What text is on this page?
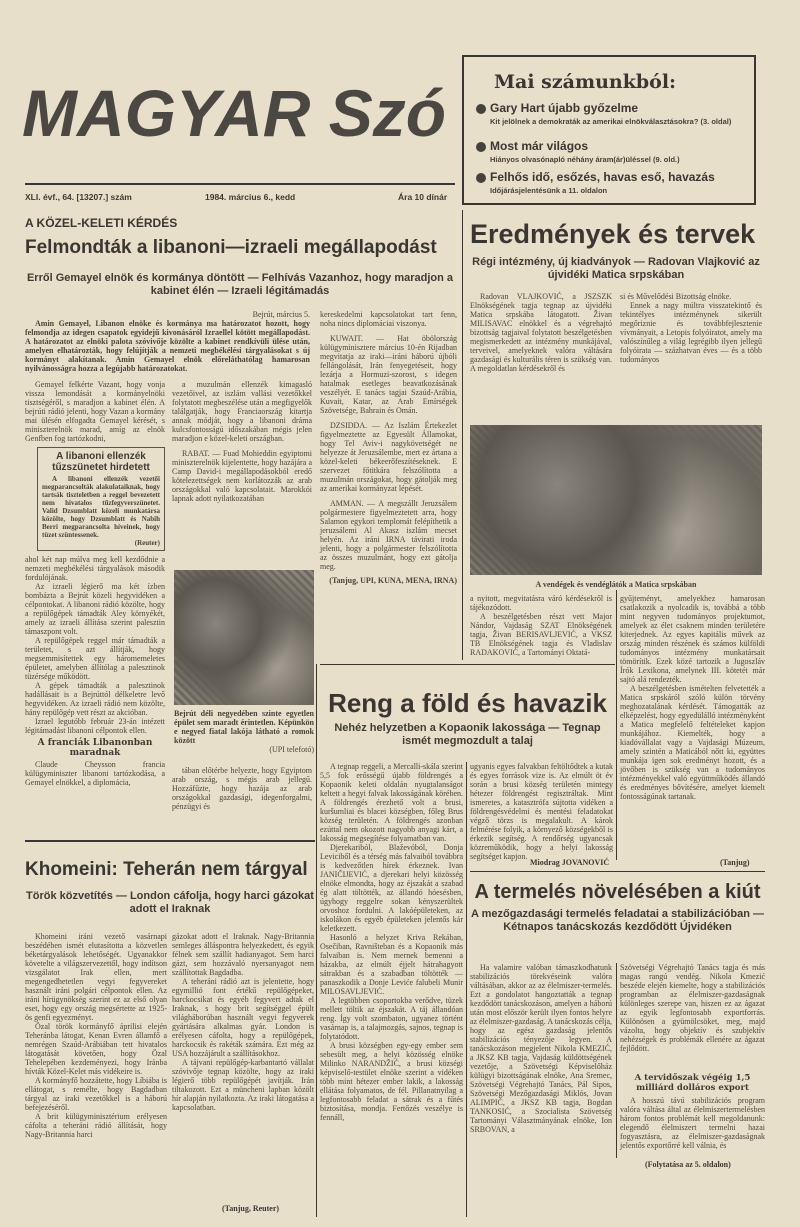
MAGYAR Szó
XLI. évf., 64. [13207.] szám	1984. március 6., kedd	Ára 10 dínár
Mai számunkból:
Gary Hart újabb győzelme
Kit jelölnek a demokraták az amerikai elnökválasztásokra? (3. oldal)
Most már világos
Hiányos olvasónapló néhány áram(ár)üléssel (9. old.)
Felhős idő, esőzés, havas eső, havazás
Időjárásjelentésünk a 11. oldalon
A KÖZEL-KELETI KÉRDÉS
Felmondták a libanoni—izraeli megállapodást
Erről Gemayel elnök és kormánya döntött — Felhívás Vazanhoz, hogy maradjon a kabinet élén — Izraeli légitámadás

Bejrút, március 5.

Amin Gemayel, Libanon elnöke és kormánya ma határozatot hozott, hogy felmondja az idegen csapatok egyidejű kivonásáról Izraellel kötött megállapodást. A határozatot az elnöki palota szóvivője közölte a kabinet rendkívüli ülése után, amelyen elhatározták, hogy felújítják a nemzeti megbékélési tárgyalásokat s új kormányt alakítanak. Amin Gemayel elnök előreláthatólag hamarosan nyilvánosságra hozza a legújabb határozatokat.

Gemayel felkérte Vazant, hogy vonja vissza lemondását a kormányelnöki tisztségéről, s maradjon a kabinet élén. A bejrúti rádió jelenti, hogy Vazan a kormány mai ülésén elfogadta Gemayel kérését, s miniszterelnök marad, amíg az elnök Genfben fog tartózkodni,

A libanoni ellenzék tűzszünetet hirdetett

A libanoni ellenzék vezetői megparancsolták alakulataiknak, hogy tartsák tiszteletben a reggel bevezetett nem hivatalos tűzfegyverszünetet. Valid Dzsumblatt közeli munkatársa közölte, hogy Dzsumblatt és Nabih Berri megparancsolta híveinek, hogy tüzet szüntessenek.

(Reuter)

ahol két nap múlva meg kell kezdődnie a nemzeti megbékélési tárgyalások második fordulójának.

Az izraeli légierő ma két ízben bombázta a Bejrút közeli hegyvidéken a célpontokat. A libanoni rádió közölte, hogy a repülőgépek támadták Aley környékét, amely az izraeli állítása szerint palesztin támaszpont volt.

A repülőgépek reggel már támadták a területet, s azt állítják, hogy megsemmisítettek egy háromemeletes épületet, amelyben állítólag a palesztinok tüzérsége működött.

A gépek támadták a palesztinok hadállásait is a Bejrúttól délkeletre levő hegyvidéken. Az izraeli rádió nem közölte, hány repülőgép vett részt az akcióban.

Izrael legutóbb február 23-án intézett légitámadást libanoni célpontok ellen.

A franciák Libanonban maradnak

Claude Cheysson francia külügyminiszter libanoni tartózkodása, a Gemayel elnökkel, a diplomácia,

a muzulmán ellenzék kimagasló vezetőivel, az iszlám vallási vezetőkkel folytatott megbeszélése után a megfigyelők találgatják, hogy Franciaország kitartja annak módját, hogy a libanoni dráma kulcsfontosságú időszakában mégis jelen maradjon e közel-keleti országban.

RABAT. — Fuad Mohieddin egyiptomi miniszterelnök kijelentette, hogy hazájára a Camp David-i megállapodásokból eredő kötelezettségek nem korlátozzák az arab országokkal való kapcsolatait. Marokkói lapnak adott nyilatkozatában

Bejrút déli negyedében szinte egyetlen épület sem maradt érintetlen. Képünkön e negyed fiatal lakója látható a romok között
(UPI telefotó)

tában előtérbe helyezte, hogy Egyiptom arab ország, s mégis arab jellegű. Hozzáfűzte, hogy hazája az arab országokkal gazdasági, idegenforgalmi, pénzügyi és

kereskedelmi kapcsolatokat tart fenn, noha nincs diplomáciai viszonya.

KUWAIT. — Hat öbölország külügyminisztere március 10-én Rijadban megvitatja az iraki—iráni háború újbóli fellángolását, Irán fenyegetéseit, hogy lezárja a Hormuzi-szorost, s idegen hatalmak esetleges beavatkozásának veszélyét. E tanács tagjai Szaúd-Arábia, Kuvait, Katar, az Arab Emírségek Szövetsége, Bahrain és Omán.

DZSIDDA. — Az Iszlám Értekezlet figyelmeztette az Egyesült Államokat, hogy Tel Aviv-i nagykövetségét ne helyezze át Jeruzsálembe, mert ez ártana a közel-keleti békeerőfeszítéseknek. E szervezet főtitkára felszólította a muzulmán országokat, hogy gátolják meg az amerikai kormányzat lépését.

AMMAN. — A megszállt Jeruzsálem polgármestere figyelmeztetett arra, hogy Salamon egykori templomát felépíthetik a jeruzsálemi Al Akasz iszlám mecset helyén. Az iráni IRNA távirati iroda jelenti, hogy a polgármester felszólította az összes muzulmánt, hogy ezt gátolja meg.

(Tanjug, UPI, KUNA, MENA, IRNA)

Eredmények és tervek
Régi intézmény, új kiadványok — Radovan Vlajković az újvidéki Matica srpskában

Radovan VLAJKOVIĆ, a JSZSZK Elnökségének tagja tegnap az újvidéki Matica srpskába látogatott. Živan MILISAVAC elnökkel és a végrehajtó bizottság tagjaival folytatott beszélgetésben megismerkedett az intézmény munkájával, terveivel, amelyeknek valóra váltására gazdasági és kulturális téren is szükség van. A megoldatlan kérdésekről és

si és Művelődési Bizottság elnöke.

Ennek a nagy múltra visszatekintő és tekintélyes intézménynek sikerült megőriznie és továbbfejlesztenie vívmányait, a Letopis folyóiratot, amely ma valószínűleg a világ legrégibb ilyen jellegű folyóirata — százhatvan éves — és a több tudományos

A vendégek és vendéglátók a Matica srpskában

a nyitott, megvitatásra váró kérdésekről is tájékozódott.

A beszélgetésben részt vett Major Nándor, Vajdaság SZAT Elnökségének tagja, Živan BERISAVLJEVIĆ, a VKSZ TB Elnökségének tagja és Vladislav RADAKOVIĆ, a Tartományi Oktatá-

gyűjteményt, amelyekhez hamarosan csatlakozik a nyolcadik is, továbbá a több mint negyven tudományos projektumot, amelyek az élet csaknem minden területére kiterjednek. Az egyes kapitális művek az ország minden részének és számos külföldi tudományos intézmény munkatársait tömörítik. Ezek közé tartozik a Jugoszláv Írók Lexikona, amelynek III. kötetét már sajtó alá rendezték.

A beszélgetésben ismételten felvetették a Matica srpskáról szóló külön törvény meghozatalának kérdését. Támogatták az elképzelést, hogy egyedülálló intézményként a Matica megfelelő feltételeket kapjon munkájához. Kiemelték, hogy a kiadóvállalat vagy a Vajdasági Múzeum, amely szintén a Maticából nőtt ki, együttes munkája igen sok eredményt hozott, és a jövőben is szükség van a tudományos intézményekkel való együttműködés állandó és eredményes bővítésére, amelyet kiemelt fontosságúnak tartanak.

(Tanjug)
Reng a föld és havazik
Nehéz helyzetben a Kopaonik lakossága — Tegnap ismét megmozdult a talaj

A tegnap reggeli, a Mercalli-skála szerint 5,5 fok erősségű újabb földrengés a Kopaonik keleti oldalán nyugtalanságot keltett a hegyi falvak lakosságának körében. A földrengés érezhető volt a brusi, kuršumliai és blacei községben, főleg Brus község területén. A földrengés azonban ezúttal nem okozott nagyobb anyagi kárt, a lakosság megsegítése folyamatban van.

Djerekariból, Blaževóból, Donja Leviciből és a térség más falvaiból továbbra is kedvezőtlen hírek érkeznek. Ivan JANIČIJEVIĆ, a djerekari helyi közösség elnöke elmondta, hogy az éjszakát a szabad ég alatt töltötték, az állandó hóesésben, úgyhogy reggelre sokan kényszerültek orvoshoz fordulni. A lakóépületeken, az iskolákon és egyéb épületeken jelentős kár keletkezett.

Hasonló a helyzet Kriva Rekában, Osečiban, Ravništeban és a Kopaonik más falvaiban is. Nem mernek bemenni a házakba, az elmúlt éjjelt hátrahagyott sátrakban és a szabadban töltötték — panaszkodik a Donje Leviće falubeli Munir MILOSAVLJEVIĆ.

A legtöbben csoportokba verődve, tüzek mellett töltik az éjszakát. A táj állandóan reng. Így volt szombaton, ugyanez történt vasárnap is, a talajmozgás, sajnos, tegnap is folytatódott.

A brusi községben egy-egy ember sem sebesült meg, a helyi közösség elnöke Milinko NARANDŽIĆ, a brusi községi képviselő-testület elnöke szerint a vidéken több mint hétezer ember lakik, a lakosság ellátása folyamatos, de fél. Pillanatnyilag a legfontosabb feladat a sátrak és a fűtés biztosítása, mondja. Fertőzés veszélye is fennáll,

ugyanis egyes falvakban feltöltődtek a kutak és egyes források vize is. Az elmúlt öt év során a brusi község területén mintegy hétezer földrengést regisztráltak. Mint ismeretes, a katasztrófa sújtotta vidéken a földrengésvédelmi és mentési feladatokat végző törzs is megalakult. A károk felmérése folyik, a környező községekből is érkezik segítség. A rendőrség ugyancsak közreműködik, hogy a helyi lakosság segítséget kapjon.

Miodrag JOVANOVIĆ
Khomeini: Teherán nem tárgyal
Török közvetítés — London cáfolja, hogy harci gázokat adott el Iraknak

Khomeini iráni vezető vasárnapi beszédében ismét elutasította a közvetlen béketárgyalások lehetőségét. Ugyanakkor követelte a világszervezettől, hogy indítson vizsgálatot Irak ellen, mert megengedhetetlen vegyi fegyvereket használt iráni polgári célpontok ellen. Az iráni hírügynökség szerint ez az első olyan eset, hogy egy ország megsértette az 1925-ös genfi egyezményt.

Özal török kormányfő áprilisi elején Teheránba látogat, Kenan Evren államfő a nemrégen Szaúd-Arábiában tett hivatalos látogatását követően, hogy Özal Tehelepében kezdeményezi, hogy Iránba hívták Közel-Kelet más vidékeire is.

A kormányfő hozzátette, hogy Líbiába is ellátogat, s remélte, hogy Bagdadban tárgyal az iraki vezetőkkel is a háború befejezéséről.

A brit külügyminisztérium erélyesen cáfolta a teheráni rádió állítását, hogy Nagy-Britannia harci

gázokat adott el Iraknak. Nagy-Britannia semleges álláspontra helyezkedett, és egyik félnek sem szállít hadianyagot. Sem harci gázt, sem hozzávaló nyersanyagot nem szállítottak Bagdadba.

A teheráni rádió azt is jelentette, hogy egymillió font értékű repülőgépeket, harckocsikat és egyéb fegyvert adtak el Iraknak, s hogy brit segítséggel épült világháborúban használt vegyi fegyverek gyártására alkalmas gyár. London is erélyesen cáfolta, hogy a repülőgépek, harckocsik és rakéták számára. Ezt még az USA hozzájárult a szállításokhoz.

A tájvani repülőgép-karbantartó vállalat szóvivője tegnap közölte, hogy az iraki légierő több repülőgépét javítják. Irán tiltakozott. Ezt a müncheni lapban közölt hír alapján nyilatkozta. Az iraki látogatása a kapcsolatban.

(Tanjug, Reuter)
A termelés növelésében a kiút
A mezőgazdasági termelés feladatai a stabilizációban — Kétnapos tanácskozás kezdődött Újvidéken

Ha valamire valóban támaszkodhatunk stabilizációs törekvéseink valóra váltásában, akkor az az élelmiszer-termelés. Ezt a gondolatot hangoztatták a tegnap kezdődött tanácskozáson, amelyen a háború után most először került ilyen fontos helyre az élelmiszer-gazdaság. A tanácskozás célja, hogy az egész gazdaság jelentős stabilizációs tényezője legyen. A tanácskozáson megjelent Nikola KMEZIĆ, a JKSZ KB tagja, Vajdaság küldöttségének vezetője, a Szövetségi Képviselőház külügyi bizottságának elnöke, Ana Sremec, Szövetségi Végrehajtó Tanács, Pál Sipos, Szövetségi Mezőgazdasági Miklós, Jovan ALIMPIĆ, a JKSZ KB tagja, Bogdan TANKOSIĆ, a Szocialista Szövetség Tartományi Választmányának elnöke, Ion SRBOVAN, a

Szövetségi Végrehajtó Tanács tagja és más magas rangú vendég. Nikola Kmezić beszéde elején kiemelte, hogy a stabilizációs programban az élelmiszer-gazdaságnak különleges szerepe van, hiszen ez az ágazat az egyik legfontosabb exportforrás. Különösen a gyümölcsöket, meg, majd vázolta, hogy objektív és szubjektív nehézségek és problémák ellenére az ágazat fejlődött.

A tervidőszak végéig 1,5 milliárd dolláros export

A hosszú távú stabilizációs program valóra váltása által az élelmiszertermelésben három fontos problémát kell megoldanunk: elegendő élelmiszert termelni hazai fogyasztásra, az élelmiszer-gazdaságnak jelentős exportőrré kell válnia, és

(Folytatása az 5. oldalon)
